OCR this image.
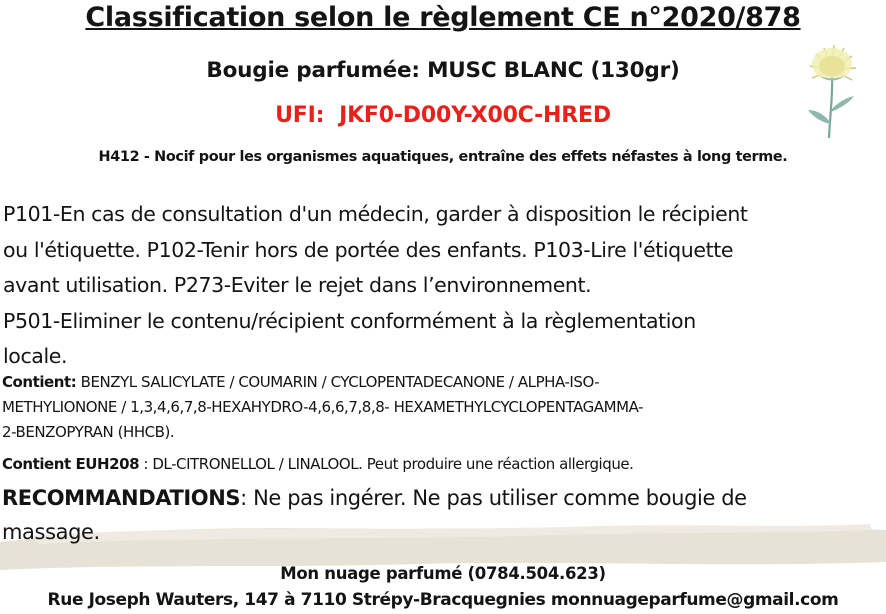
Classification selon le règlement CE n°2020/878
Bougie parfumée: MUSC BLANC (130gr)
UFI:  JKF0-D00Y-X00C-HRED
H412 - Nocif pour les organismes aquatiques, entraîne des effets néfastes à long terme.
P101-En cas de consultation d'un médecin, garder à disposition le récipient
ou l'étiquette. P102-Tenir hors de portée des enfants. P103-Lire l'étiquette
avant utilisation. P273-Eviter le rejet dans l’environnement.
P501-Eliminer le contenu/récipient conformément à la règlementation
locale.
Contient: BENZYL SALICYLATE / COUMARIN / CYCLOPENTADECANONE / ALPHA-ISO-
METHYLIONONE / 1,3,4,6,7,8-HEXAHYDRO-4,6,6,7,8,8- HEXAMETHYLCYCLOPENTAGAMMA-
2-BENZOPYRAN (HHCB).
Contient EUH208 : DL-CITRONELLOL / LINALOOL. Peut produire une réaction allergique.
RECOMMANDATIONS: Ne pas ingérer. Ne pas utiliser comme bougie de
massage.
Mon nuage parfumé (0784.504.623)
Rue Joseph Wauters, 147 à 7110 Strépy-Bracquegnies monnuageparfume@gmail.com
